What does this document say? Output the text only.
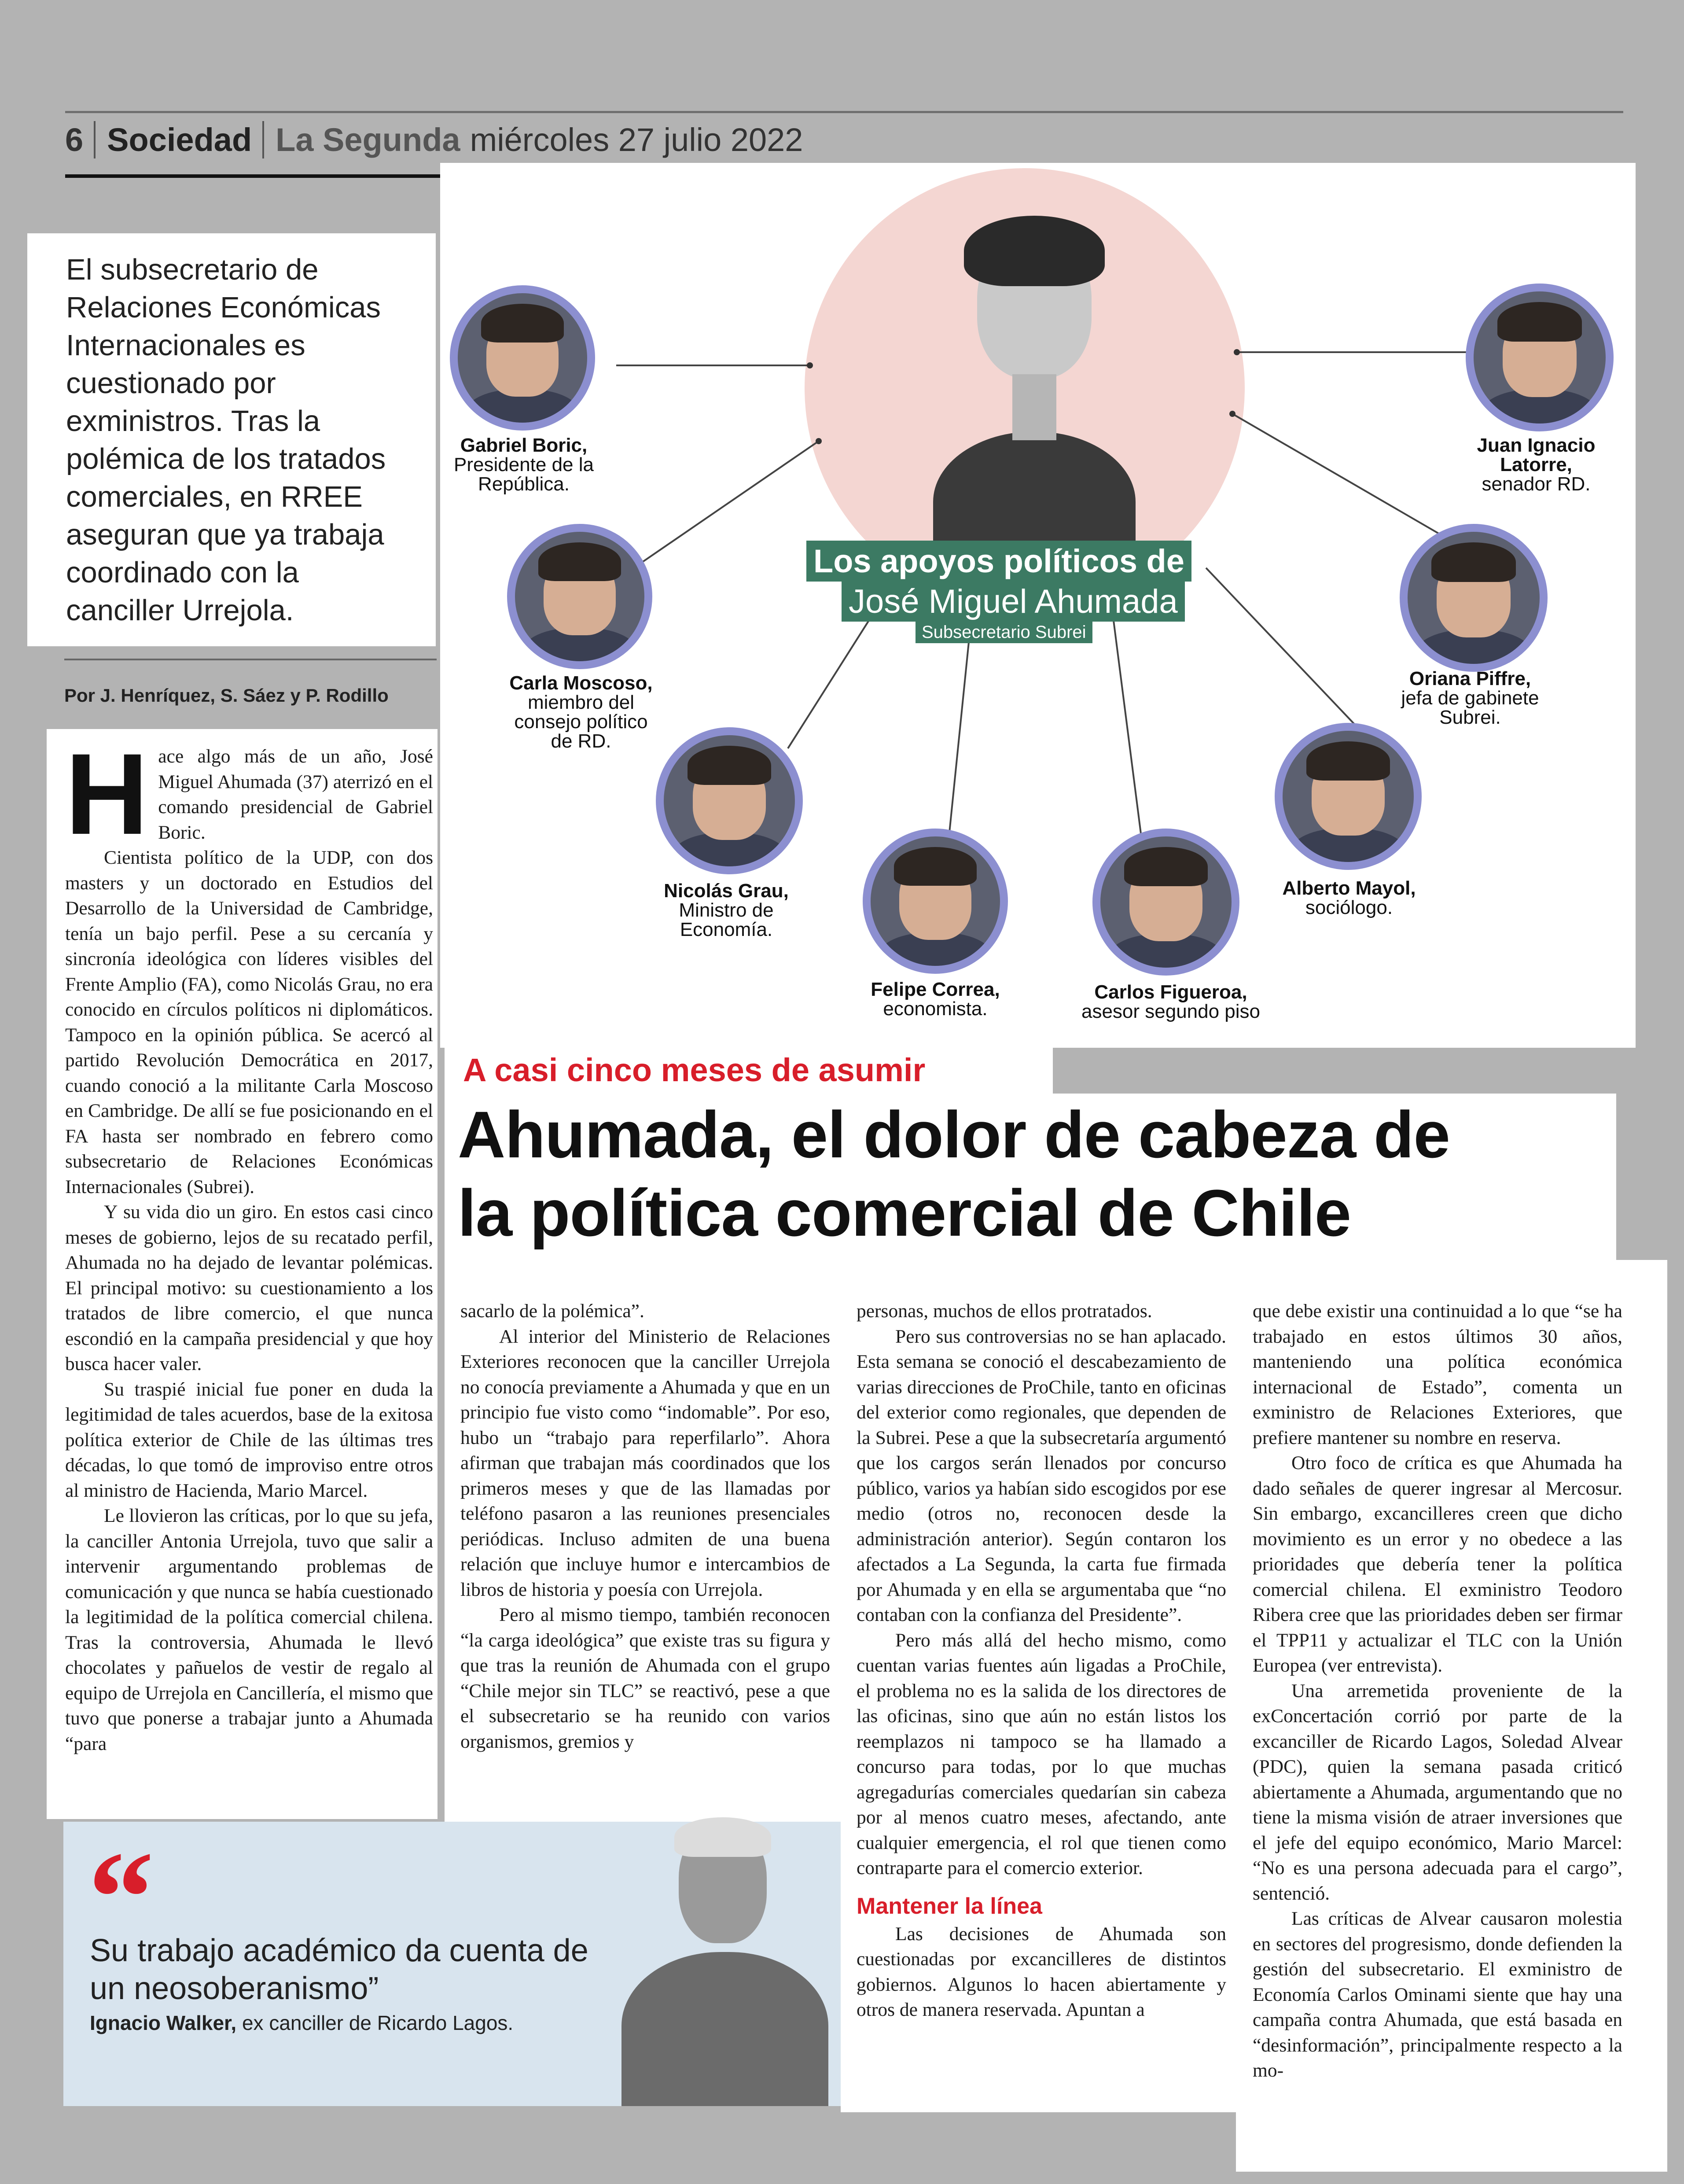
6 Sociedad La Segunda miércoles 27 julio 2022
El subsecretario de Relaciones Económicas Internacionales es cuestionado por exministros. Tras la polémica de los tratados comerciales, en RREE aseguran que ya trabaja coordinado con la canciller Urrejola.
Por J. Henríquez, S. Sáez y P. Rodillo
Gabriel Boric,
Presidente de la
República.
Carla Moscoso,
miembro del
consejo político
de RD.
Nicolás Grau,
Ministro de
Economía.
Felipe Correa,
economista.
Carlos Figueroa,
asesor segundo piso
Alberto Mayol,
sociólogo.
Oriana Piffre,
jefa de gabinete
Subrei.
Juan Ignacio
Latorre,
senador RD.
Los apoyos políticos de
José Miguel Ahumada
Subsecretario Subrei
A casi cinco meses de asumir
Ahumada, el dolor de cabeza de
la política comercial de Chile
H ace algo más de un año, José Miguel Ahumada (37) aterrizó en el comando presidencial de Gabriel Boric.

Cientista político de la UDP, con dos masters y un doctorado en Estudios del Desarrollo de la Universidad de Cambridge, tenía un bajo perfil. Pese a su cercanía y sincronía ideológica con líderes visibles del Frente Amplio (FA), como Nicolás Grau, no era conocido en círculos políticos ni diplomáticos. Tampoco en la opinión pública. Se acercó al partido Revolución Democrática en 2017, cuando conoció a la militante Carla Moscoso en Cambridge. De allí se fue posicionando en el FA hasta ser nombrado en febrero como subsecretario de Relaciones Económicas Internacionales (Subrei).

Y su vida dio un giro. En estos casi cinco meses de gobierno, lejos de su recatado perfil, Ahumada no ha dejado de levantar polémicas. El principal motivo: su cuestionamiento a los tratados de libre comercio, el que nunca escondió en la campaña presidencial y que hoy busca hacer valer.

Su traspié inicial fue poner en duda la legitimidad de tales acuerdos, base de la exitosa política exterior de Chile de las últimas tres décadas, lo que tomó de improviso entre otros al ministro de Hacienda, Mario Marcel.

Le llovieron las críticas, por lo que su jefa, la canciller Antonia Urrejola, tuvo que salir a intervenir argumentando problemas de comunicación y que nunca se había cuestionado la legitimidad de la política comercial chilena. Tras la controversia, Ahumada le llevó chocolates y pañuelos de vestir de regalo al equipo de Urrejola en Cancillería, el mismo que tuvo que ponerse a trabajar junto a Ahumada “para

sacarlo de la polémica”.

Al interior del Ministerio de Relaciones Exteriores reconocen que la canciller Urrejola no conocía previamente a Ahumada y que en un principio fue visto como “indomable”. Por eso, hubo un “trabajo para reperfilarlo”. Ahora afirman que trabajan más coordinados que los primeros meses y que de las llamadas por teléfono pasaron a las reuniones presenciales periódicas. Incluso admiten de una buena relación que incluye humor e intercambios de libros de historia y poesía con Urrejola.

Pero al mismo tiempo, también reconocen “la carga ideológica” que existe tras su figura y que tras la reunión de Ahumada con el grupo “Chile mejor sin TLC” se reactivó, pese a que el subsecretario se ha reunido con varios organismos, gremios y

personas, muchos de ellos protratados.

Pero sus controversias no se han aplacado. Esta semana se conoció el descabezamiento de varias direcciones de ProChile, tanto en oficinas del exterior como regionales, que dependen de la Subrei. Pese a que la subsecretaría argumentó que los cargos serán llenados por concurso público, varios ya habían sido escogidos por ese medio (otros no, reconocen desde la administración anterior). Según contaron los afectados a La Segunda, la carta fue firmada por Ahumada y en ella se argumentaba que “no contaban con la confianza del Presidente”.

Pero más allá del hecho mismo, como cuentan varias fuentes aún ligadas a ProChile, el problema no es la salida de los directores de las oficinas, sino que aún no están listos los reemplazos ni tampoco se ha llamado a concurso para todas, por lo que muchas agregadurías comerciales quedarían sin cabeza por al menos cuatro meses, afectando, ante cualquier emergencia, el rol que tienen como contraparte para el comercio exterior.

Mantener la línea

Las decisiones de Ahumada son cuestionadas por excancilleres de distintos gobiernos. Algunos lo hacen abiertamente y otros de manera reservada. Apuntan a

que debe existir una continuidad a lo que “se ha trabajado en estos últimos 30 años, manteniendo una política económica internacional de Estado”, comenta un exministro de Relaciones Exteriores, que prefiere mantener su nombre en reserva.

Otro foco de crítica es que Ahumada ha dado señales de querer ingresar al Mercosur. Sin embargo, excancilleres creen que dicho movimiento es un error y no obedece a las prioridades que debería tener la política comercial chilena. El exministro Teodoro Ribera cree que las prioridades deben ser firmar el TPP11 y actualizar el TLC con la Unión Europea (ver entrevista).

Una arremetida proveniente de la exConcertación corrió por parte de la excanciller de Ricardo Lagos, Soledad Alvear (PDC), quien la semana pasada criticó abiertamente a Ahumada, argumentando que no tiene la misma visión de atraer inversiones que el jefe del equipo económico, Mario Marcel: “No es una persona adecuada para el cargo”, sentenció.

Las críticas de Alvear causaron molestia en sectores del progresismo, donde defienden la gestión del subsecretario. El exministro de Economía Carlos Ominami siente que hay una campaña contra Ahumada, que está basada en “desinformación”, principalmente respecto a la mo-

“
Su trabajo académico da cuenta de un neosoberanismo”
Ignacio Walker, ex canciller de Ricardo Lagos.
